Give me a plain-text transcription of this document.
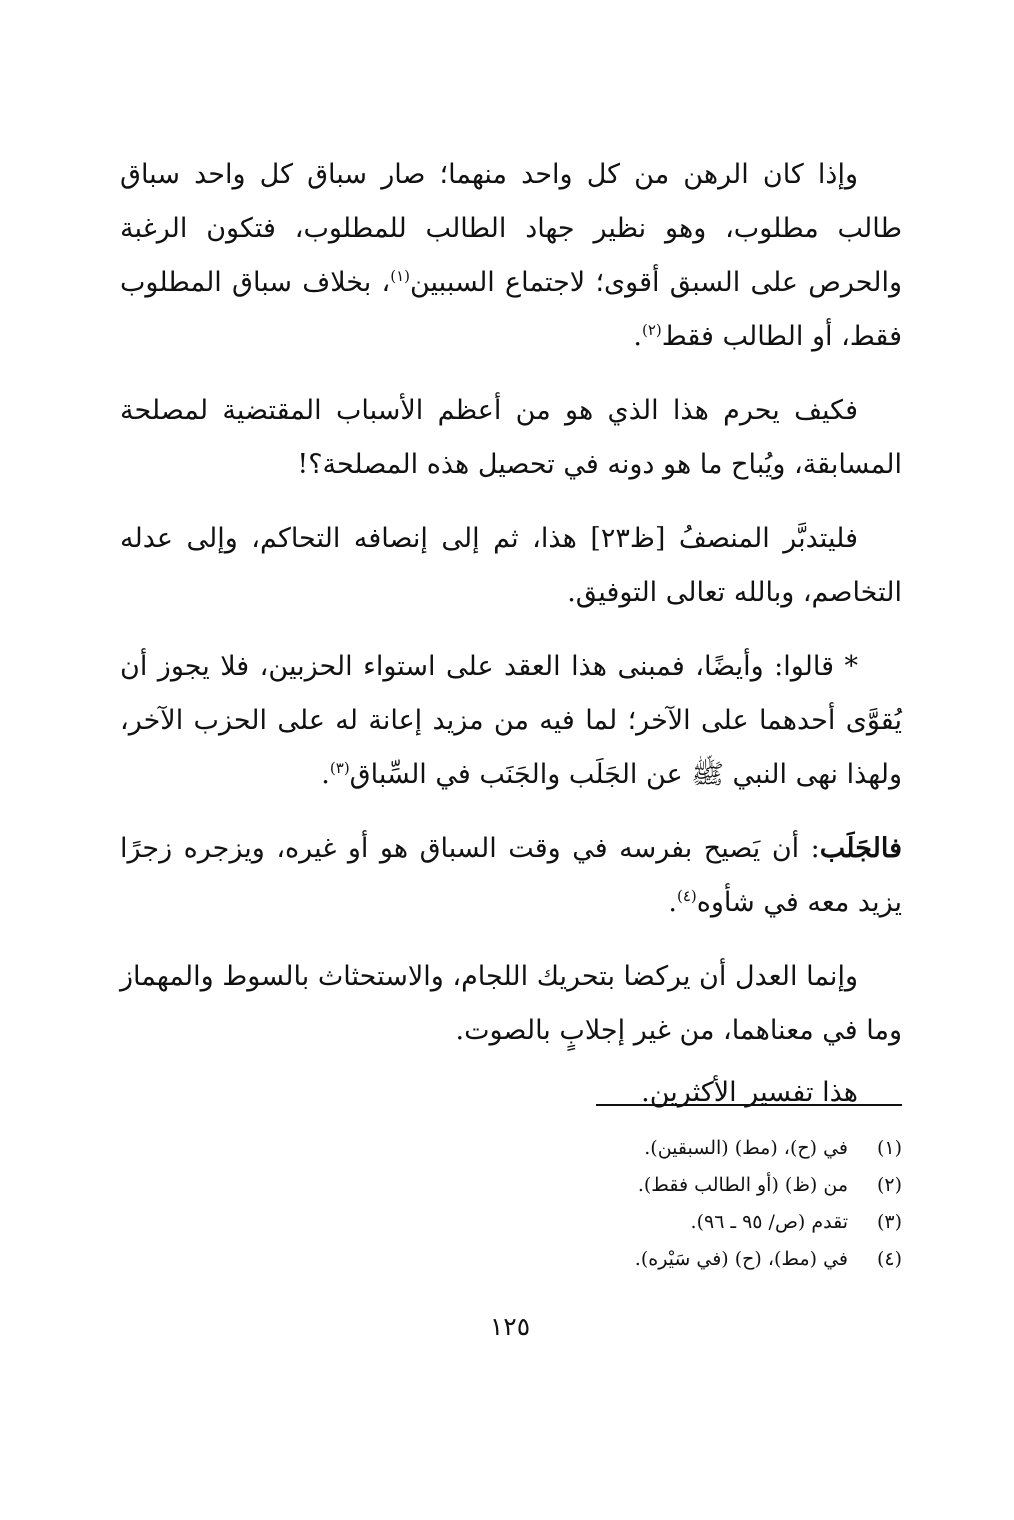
وإذا كان الرهن من كل واحد منهما؛ صار سباق كل واحد سباق طالب مطلوب، وهو نظير جهاد الطالب للمطلوب، فتكون الرغبة والحرص على السبق أقوى؛ لاجتماع السببين$^{(١)}$، بخلاف سباق المطلوب فقط، أو الطالب فقط$^{(٢)}$.

فكيف يحرم هذا الذي هو من أعظم الأسباب المقتضية لمصلحة المسابقة، ويُباح ما هو دونه في تحصيل هذه المصلحة؟!

فليتدبَّر المنصفُ [ظ٢٣] هذا، ثم إلى إنصافه التحاكم، وإلى عدله التخاصم، وبالله تعالى التوفيق.

* قالوا: وأيضًا، فمبنى هذا العقد على استواء الحزبين، فلا يجوز أن يُقوَّى أحدهما على الآخر؛ لما فيه من مزيد إعانة له على الحزب الآخر، ولهذا نهى النبي ﷺ عن الجَلَب والجَنَب في السِّباق$^{(٣)}$.

فالجَلَب: أن يَصيح بفرسه في وقت السباق هو أو غيره، ويزجره زجرًا يزيد معه في شأوه$^{(٤)}$.

وإنما العدل أن يركضا بتحريك اللجام، والاستحثاث بالسوط والمهماز وما في معناهما، من غير إجلابٍ بالصوت.

هذا تفسير الأكثرين.

(١)في (ح)، (مط) (السبقين).
(٢)من (ظ) (أو الطالب فقط).
(٣)تقدم (ص/ ٩٥ ـ ٩٦).
(٤)في (مط)، (ح) (في سَيْره).
١٢٥
